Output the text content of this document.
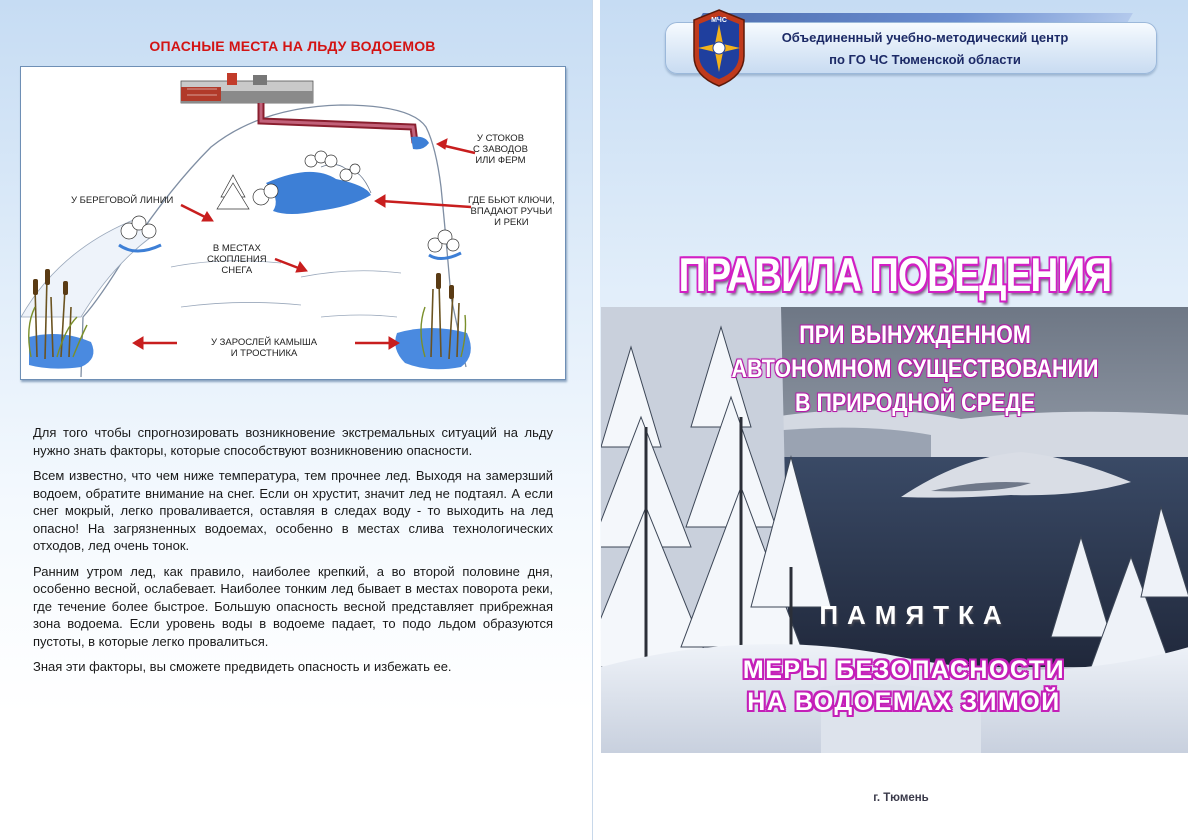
ОПАСНЫЕ МЕСТА НА ЛЬДУ ВОДОЕМОВ
У СТОКОВ
С ЗАВОДОВ
ИЛИ ФЕРМ
У БЕРЕГОВОЙ ЛИНИИ	ГДЕ БЬЮТ КЛЮЧИ,
ВПАДАЮТ РУЧЬИ
И РЕКИ
В МЕСТАХ
СКОПЛЕНИЯ
СНЕГА
У ЗАРОСЛЕЙ КАМЫША
И ТРОСТНИКА

Для того чтобы спрогнозировать возникновение экстремальных ситуаций на льду нужно знать факторы, которые способствуют возникновению опасности.

Всем известно, что чем ниже температура, тем прочнее лед. Выходя на замерзший водоем, обратите внимание на снег. Если он хрустит, значит лед не подтаял. А если снег мокрый, легко проваливается, оставляя в следах воду - то выходить на лед опасно! На загрязненных водоемах, особенно в местах слива технологических отходов, лед очень тонок.

Ранним утром лед, как правило, наиболее крепкий, а во второй половине дня, особенно весной, ослабевает. Наиболее тонким лед бывает в местах поворота реки, где течение более быстрое. Большую опасность весной представляет прибрежная зона водоема. Если уровень воды в водоеме падает, то подо льдом образуются пустоты, в которые легко провалиться.

Зная эти факторы, вы сможете предвидеть опасность и избежать ее.

Объединенный учебно-методический центр
по ГО ЧС Тюменской области
МЧС
ПРАВИЛА ПОВЕДЕНИЯ
ПРИ ВЫНУЖДЕННОМ
АВТОНОМНОМ СУЩЕСТВОВАНИИ
В ПРИРОДНОЙ СРЕДЕ
ПАМЯТКА
МЕРЫ БЕЗОПАСНОСТИ
НА ВОДОЕМАХ ЗИМОЙ
г. Тюмень
